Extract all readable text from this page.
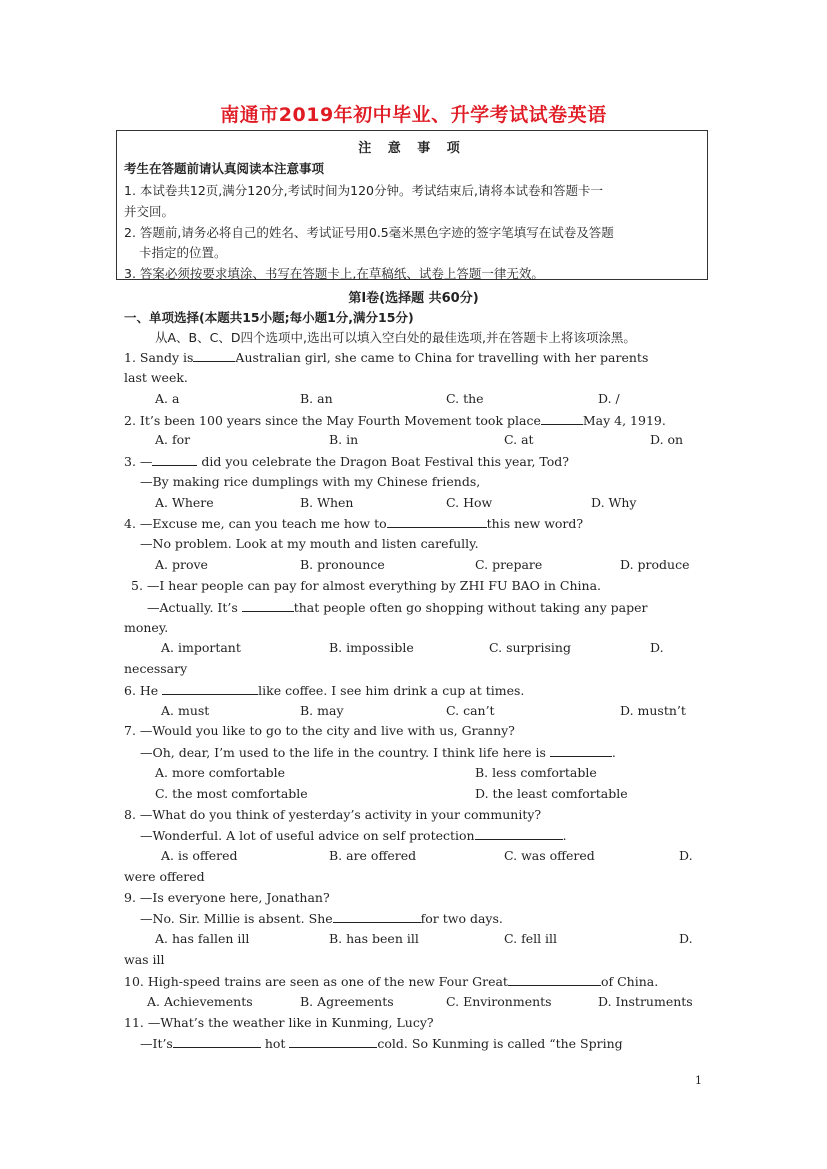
南通市2019年初中毕业、升学考试试卷英语
注 意 事 项
考生在答题前请认真阅读本注意事项
1. 本试卷共12页,满分120分,考试时间为120分钟。考试结束后,请将本试卷和答题卡一
并交回。
2. 答题前,请务必将自己的姓名、考试证号用0.5毫米黑色字迹的签字笔填写在试卷及答题
卡指定的位置。
3. 答案必须按要求填涂、书写在答题卡上,在草稿纸、试卷上答题一律无效。
第Ⅰ卷(选择题 共60分)
一、单项选择(本题共15小题;每小题1分,满分15分)
从A、B、C、D四个选项中,选出可以填入空白处的最佳选项,并在答题卡上将该项涂黑。
1. Sandy is	Australian girl, she came to China for travelling with her parents
last week.
A. a	B. an	C. the	D. /
2. It’s been 100 years since the May Fourth Movement took place	May 4, 1919.
A. for	B. in	C. at	D. on
3. —	did you celebrate the Dragon Boat Festival this year, Tod?
—By making rice dumplings with my Chinese friends,
A. Where	B. When	C. How	D. Why
4. —Excuse me, can you teach me how to	this new word?
—No problem. Look at my mouth and listen carefully.
A. prove	B. pronounce	C. prepare	D. produce
5. —I hear people can pay for almost everything by ZHI FU BAO in China.
—Actually. It’s	that people often go shopping without taking any paper
money.
A. important	B. impossible	C. surprising	D.
necessary
6. He	like coffee. I see him drink a cup at times.
A. must	B. may	C. can’t	D. mustn’t
7. —Would you like to go to the city and live with us, Granny?
—Oh, dear, I’m used to the life in the country. I think life here is	.
A. more comfortable	B. less comfortable
C. the most comfortable	D. the least comfortable
8. —What do you think of yesterday’s activity in your community?
—Wonderful. A lot of useful advice on self protection	.
A. is offered	B. are offered	C. was offered	D.
were offered
9. —Is everyone here, Jonathan?
—No. Sir. Millie is absent. She	for two days.
A. has fallen ill	B. has been ill	C. fell ill	D.
was ill
10. High-speed trains are seen as one of the new Four Great	of China.
A. Achievements	B. Agreements	C. Environments	D. Instruments
11. —What’s the weather like in Kunming, Lucy?
—It’s	hot	cold. So Kunming is called “the Spring
1
